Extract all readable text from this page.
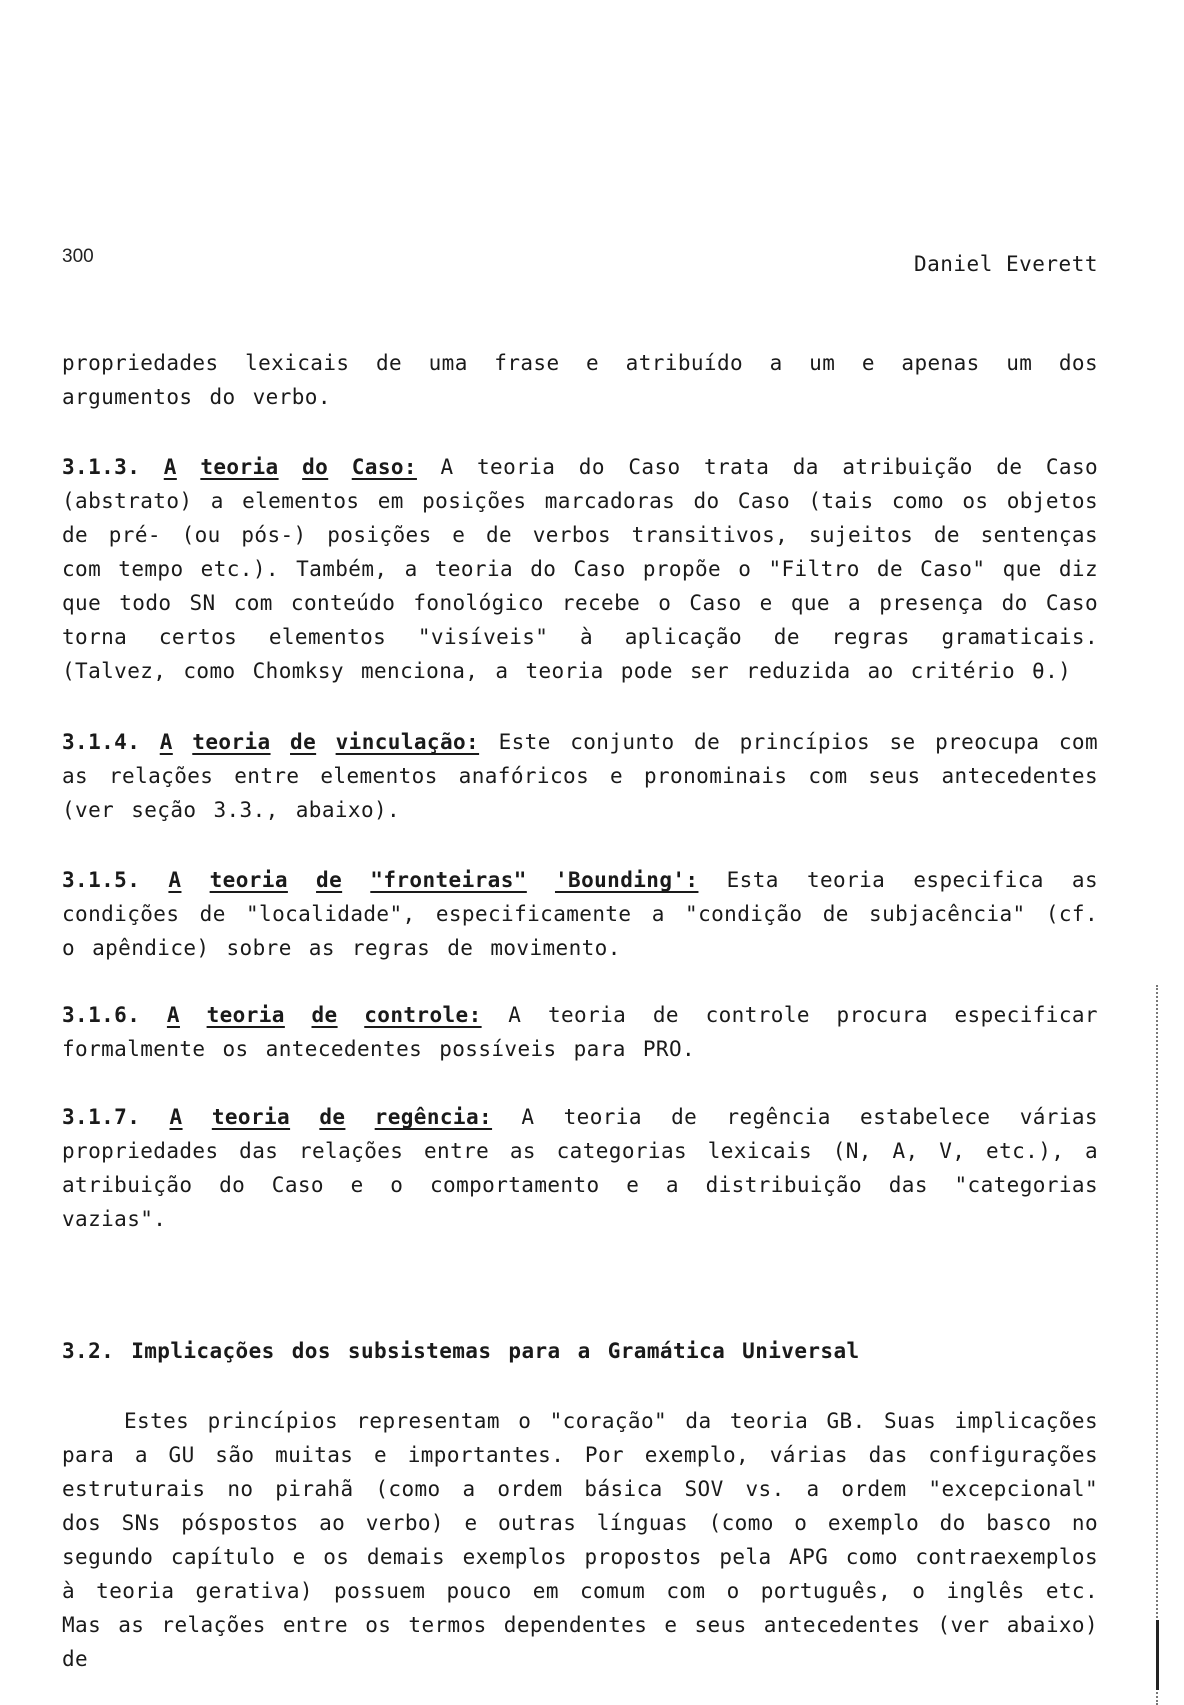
300	Daniel Everett

propriedades lexicais de uma frase e atribuído a um e apenas um dos argumentos do verbo.

3.1.3. A teoria do Caso: A teoria do Caso trata da atribuição de Caso (abstrato) a elementos em posições marcadoras do Caso (tais como os objetos de pré- (ou pós-) posições e de verbos transitivos, sujeitos de sentenças com tempo etc.). Também, a teoria do Caso propõe o "Filtro de Caso" que diz que todo SN com conteúdo fonológico recebe o Caso e que a presença do Caso torna certos elementos "visíveis" à aplicação de regras gramaticais. (Talvez, como Chomksy menciona, a teoria pode ser reduzida ao critério θ.)

3.1.4. A teoria de vinculação: Este conjunto de princípios se preocupa com as relações entre elementos anafóricos e pronominais com seus antecedentes (ver seção 3.3., abaixo).

3.1.5. A teoria de "fronteiras" 'Bounding': Esta teoria especifica as condições de "localidade", especificamente a "condição de subjacência" (cf. o apêndice) sobre as regras de movimento.

3.1.6. A teoria de controle: A teoria de controle procura especificar formalmente os antecedentes possíveis para PRO.

3.1.7. A teoria de regência: A teoria de regência estabelece várias propriedades das relações entre as categorias lexicais (N, A, V, etc.), a atribuição do Caso e o comportamento e a distribuição das "categorias vazias".

3.2. Implicações dos subsistemas para a Gramática Universal

Estes princípios representam o "coração" da teoria GB. Suas implicações para a GU são muitas e importantes. Por exemplo, várias das configurações estruturais no pirahã (como a ordem básica SOV vs. a ordem "excepcional" dos SNs póspostos ao verbo) e outras línguas (como o exemplo do basco no segundo capítulo e os demais exemplos propostos pela APG como contraexemplos à teoria gerativa) possuem pouco em comum com o português, o inglês etc. Mas as relações entre os termos dependentes e seus antecedentes (ver abaixo) de
